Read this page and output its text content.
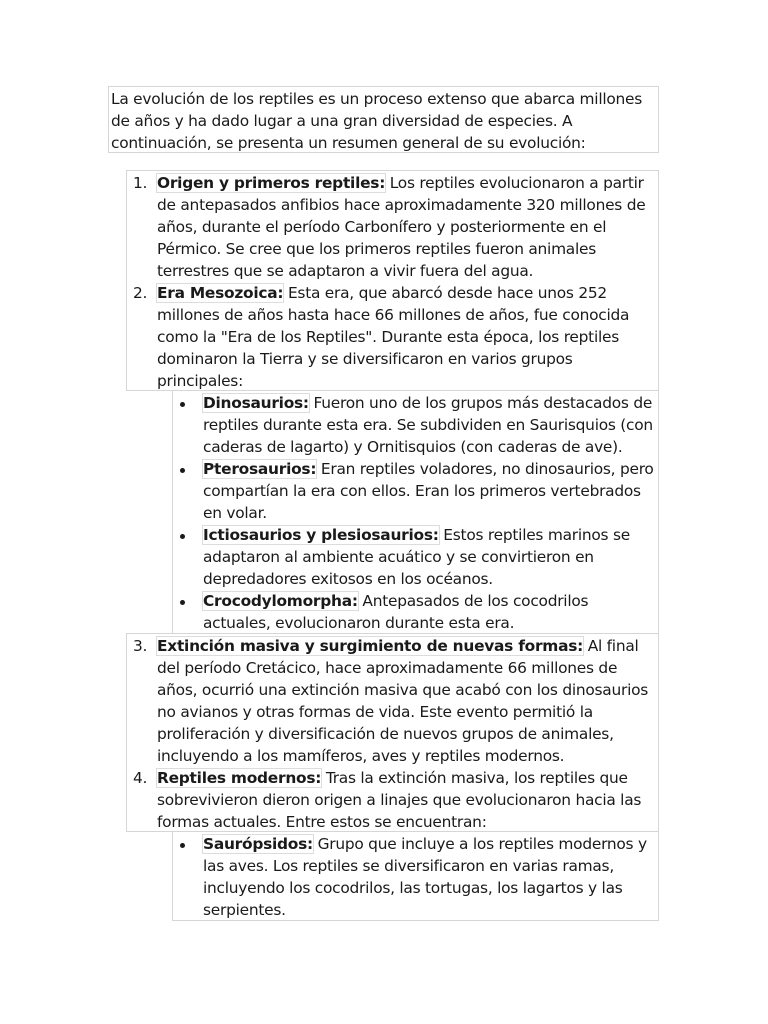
La evolución de los reptiles es un proceso extenso que abarca millones de años y ha dado lugar a una gran diversidad de especies. A continuación, se presenta un resumen general de su evolución:
1. Origen y primeros reptiles: Los reptiles evolucionaron a partir de antepasados anfibios hace aproximadamente 320 millones de años, durante el período Carbonífero y posteriormente en el Pérmico. Se cree que los primeros reptiles fueron animales terrestres que se adaptaron a vivir fuera del agua.
2. Era Mesozoica: Esta era, que abarcó desde hace unos 252 millones de años hasta hace 66 millones de años, fue conocida como la "Era de los Reptiles". Durante esta época, los reptiles dominaron la Tierra y se diversificaron en varios grupos principales:
Dinosaurios: Fueron uno de los grupos más destacados de reptiles durante esta era. Se subdividen en Saurisquios (con caderas de lagarto) y Ornitisquios (con caderas de ave).
Pterosaurios: Eran reptiles voladores, no dinosaurios, pero compartían la era con ellos. Eran los primeros vertebrados en volar.
Ictiosaurios y plesiosaurios: Estos reptiles marinos se adaptaron al ambiente acuático y se convirtieron en depredadores exitosos en los océanos.
Crocodylomorpha: Antepasados de los cocodrilos actuales, evolucionaron durante esta era.
3. Extinción masiva y surgimiento de nuevas formas: Al final del período Cretácico, hace aproximadamente 66 millones de años, ocurrió una extinción masiva que acabó con los dinosaurios no avianos y otras formas de vida. Este evento permitió la proliferación y diversificación de nuevos grupos de animales, incluyendo a los mamíferos, aves y reptiles modernos.
4. Reptiles modernos: Tras la extinción masiva, los reptiles que sobrevivieron dieron origen a linajes que evolucionaron hacia las formas actuales. Entre estos se encuentran:
Saurópsidos: Grupo que incluye a los reptiles modernos y las aves. Los reptiles se diversificaron en varias ramas, incluyendo los cocodrilos, las tortugas, los lagartos y las serpientes.
